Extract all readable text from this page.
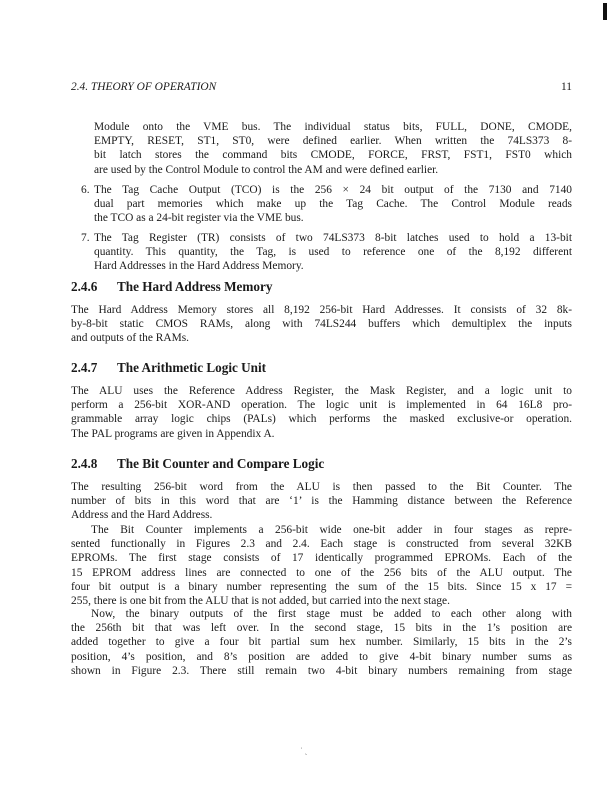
2.4. THEORY OF OPERATION	11
Module onto the VME bus. The individual status bits, FULL, DONE, CMODE,
EMPTY, RESET, ST1, ST0, were defined earlier. When written the 74LS373 8-
bit latch stores the command bits CMODE, FORCE, FRST, FST1, FST0 which
are used by the Control Module to control the AM and were defined earlier.
6. The Tag Cache Output (TCO) is the 256 × 24 bit output of the 7130 and 7140
dual part memories which make up the Tag Cache. The Control Module reads
the TCO as a 24-bit register via the VME bus.
7. The Tag Register (TR) consists of two 74LS373 8-bit latches used to hold a 13-bit
quantity. This quantity, the Tag, is used to reference one of the 8,192 different
Hard Addresses in the Hard Address Memory.
2.4.6 The Hard Address Memory
The Hard Address Memory stores all 8,192 256-bit Hard Addresses. It consists of 32 8k-
by-8-bit static CMOS RAMs, along with 74LS244 buffers which demultiplex the inputs
and outputs of the RAMs.
2.4.7 The Arithmetic Logic Unit
The ALU uses the Reference Address Register, the Mask Register, and a logic unit to
perform a 256-bit XOR-AND operation. The logic unit is implemented in 64 16L8 pro-
grammable array logic chips (PALs) which performs the masked exclusive-or operation.
The PAL programs are given in Appendix A.
2.4.8 The Bit Counter and Compare Logic
The resulting 256-bit word from the ALU is then passed to the Bit Counter. The
number of bits in this word that are ‘1’ is the Hamming distance between the Reference
Address and the Hard Address.
The Bit Counter implements a 256-bit wide one-bit adder in four stages as repre-
sented functionally in Figures 2.3 and 2.4. Each stage is constructed from several 32KB
EPROMs. The first stage consists of 17 identically programmed EPROMs. Each of the
15 EPROM address lines are connected to one of the 256 bits of the ALU output. The
four bit output is a binary number representing the sum of the 15 bits. Since 15 x 17 =
255, there is one bit from the ALU that is not added, but carried into the next stage.
Now, the binary outputs of the first stage must be added to each other along with
the 256th bit that was left over. In the second stage, 15 bits in the 1’s position are
added together to give a four bit partial sum hex number. Similarly, 15 bits in the 2’s
position, 4’s position, and 8’s position are added to give 4-bit binary number sums as
shown in Figure 2.3. There still remain two 4-bit binary numbers remaining from stage
˙ ˏ
